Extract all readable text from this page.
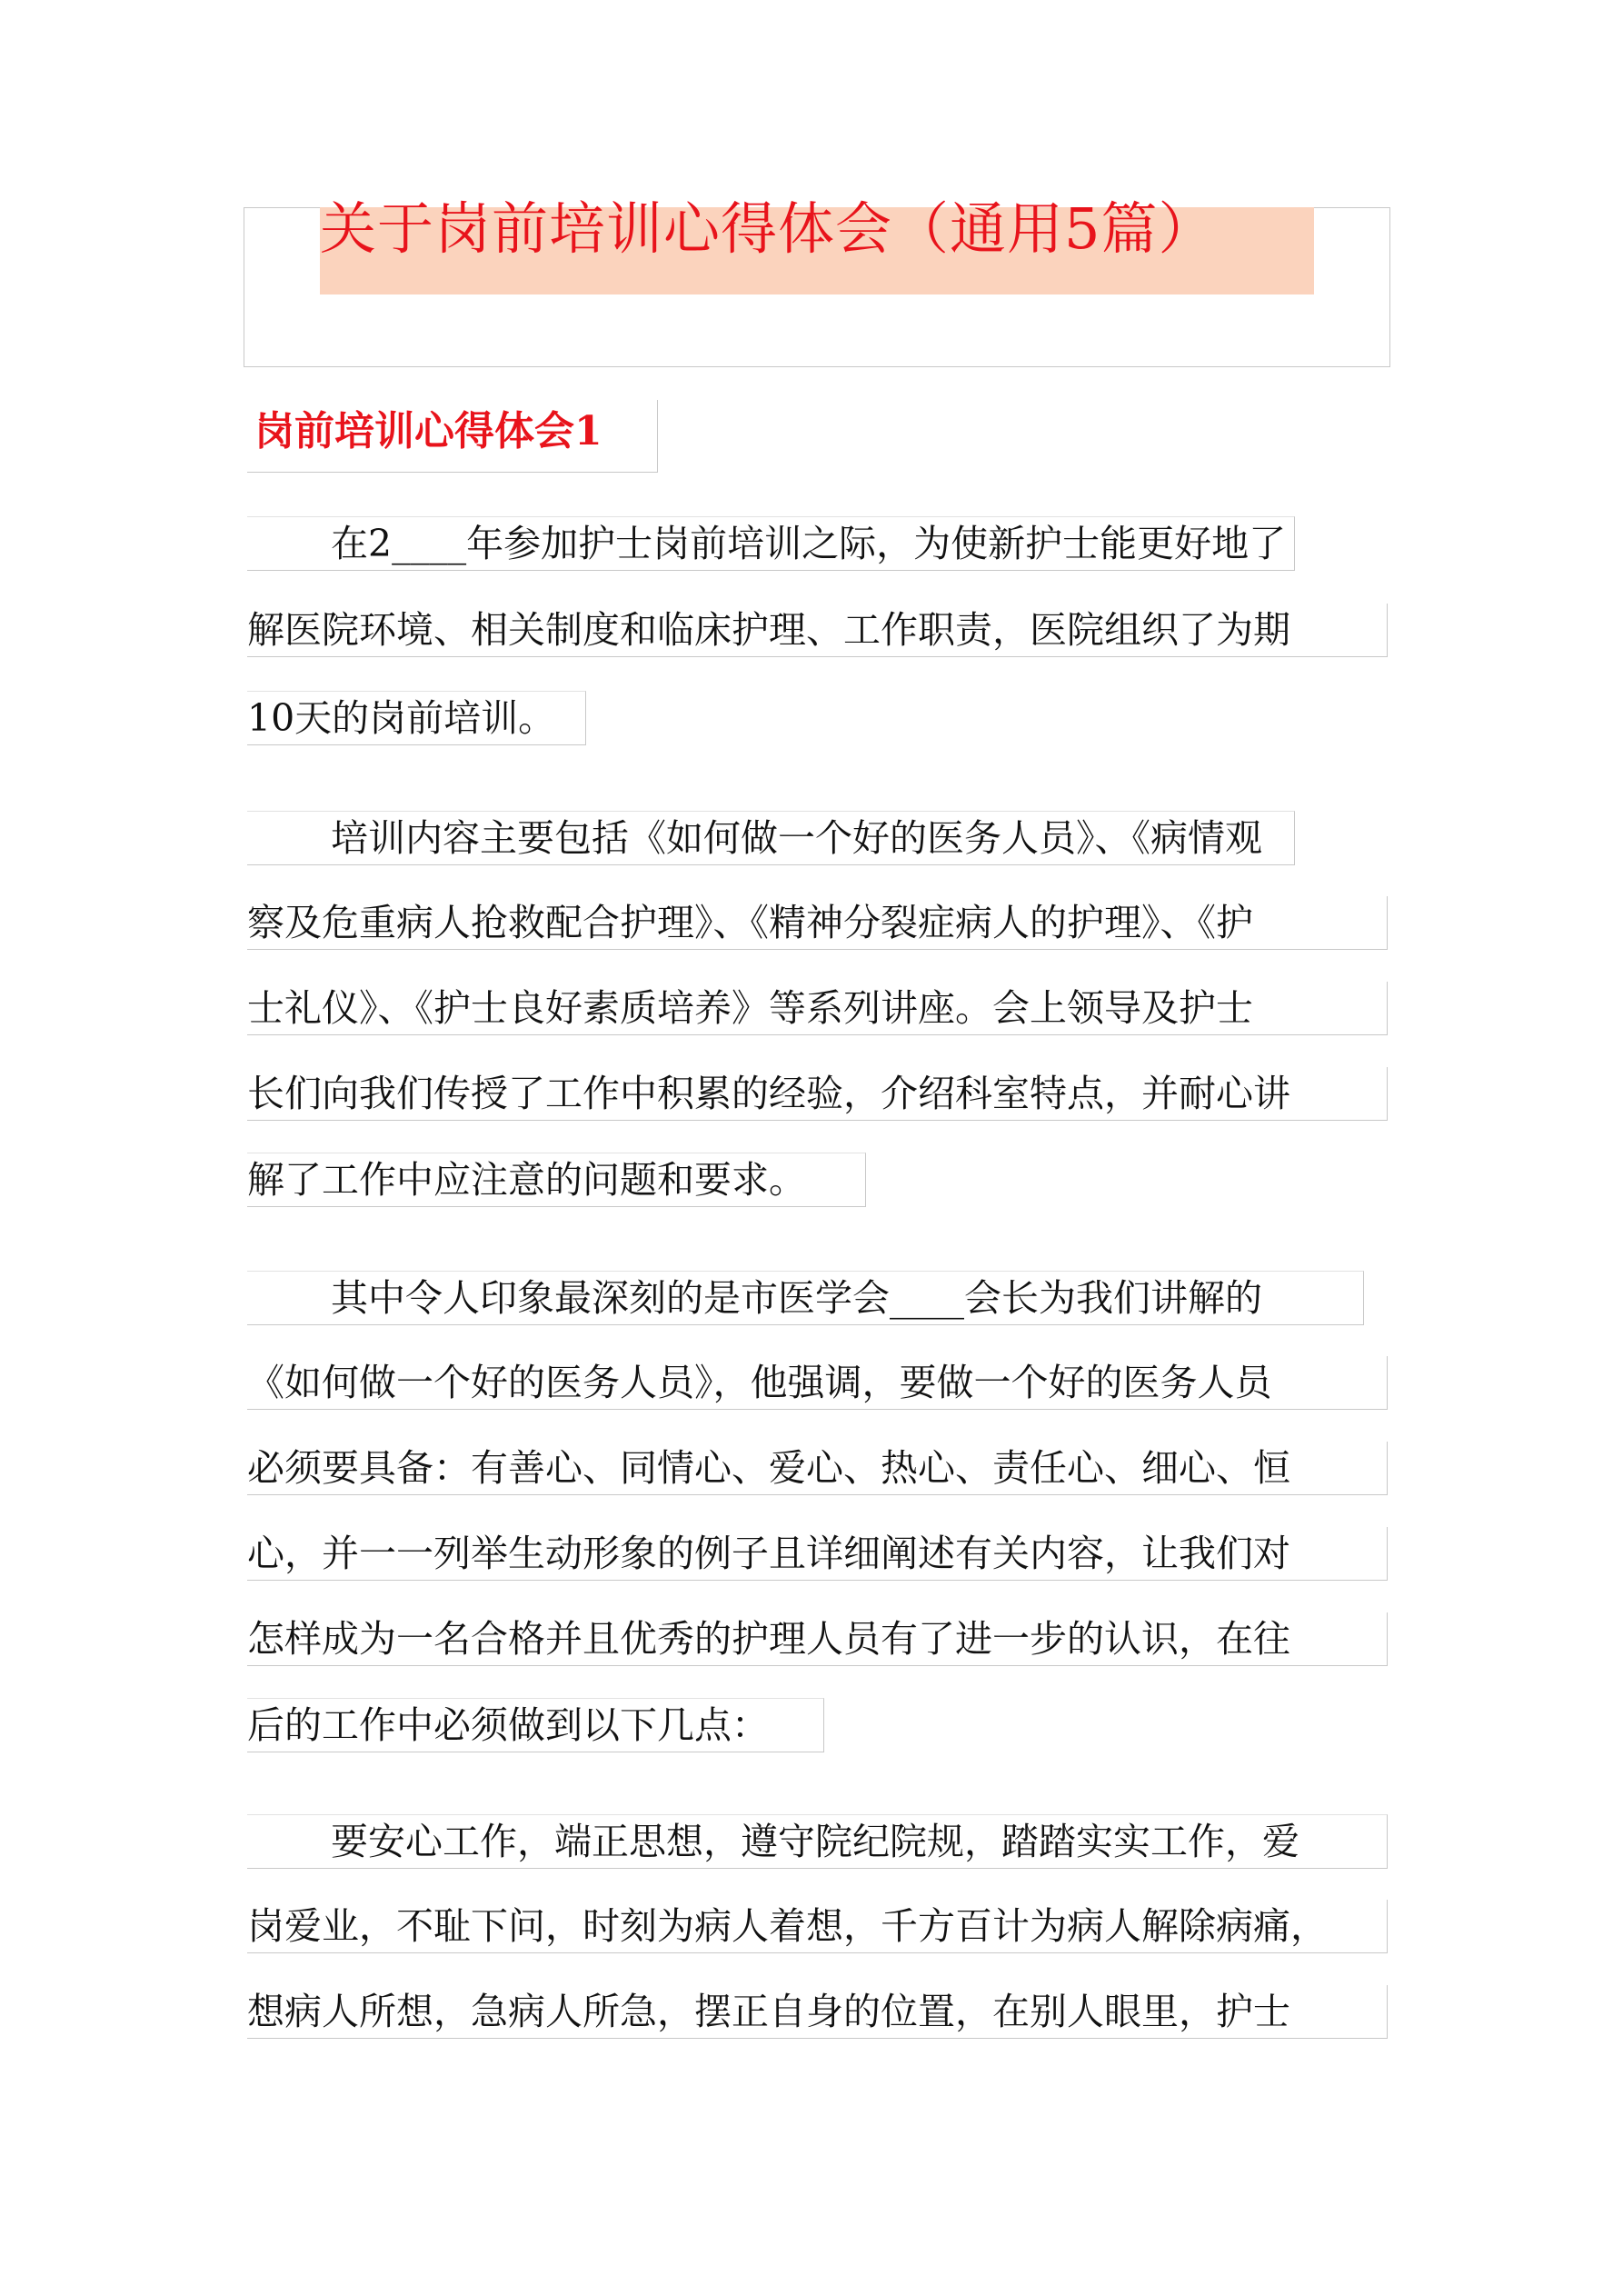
关于岗前培训心得体会（通用5篇）
岗前培训心得体会1
在2____年参加护士岗前培训之际，为使新护士能更好地了
解医院环境、相关制度和临床护理、工作职责，医院组织了为期
10天的岗前培训。
培训内容主要包括《如何做一个好的医务人员》、《病情观
察及危重病人抢救配合护理》、《精神分裂症病人的护理》、《护
士礼仪》、《护士良好素质培养》等系列讲座。会上领导及护士
长们向我们传授了工作中积累的经验，介绍科室特点，并耐心讲
解了工作中应注意的问题和要求。
其中令人印象最深刻的是市医学会____会长为我们讲解的
《如何做一个好的医务人员》，他强调，要做一个好的医务人员
必须要具备：有善心、同情心、爱心、热心、责任心、细心、恒
心，并一一列举生动形象的例子且详细阐述有关内容，让我们对
怎样成为一名合格并且优秀的护理人员有了进一步的认识，在往
后的工作中必须做到以下几点：
要安心工作，端正思想，遵守院纪院规，踏踏实实工作，爱
岗爱业，不耻下问，时刻为病人着想，千方百计为病人解除病痛，
想病人所想，急病人所急，摆正自身的位置，在别人眼里，护士
